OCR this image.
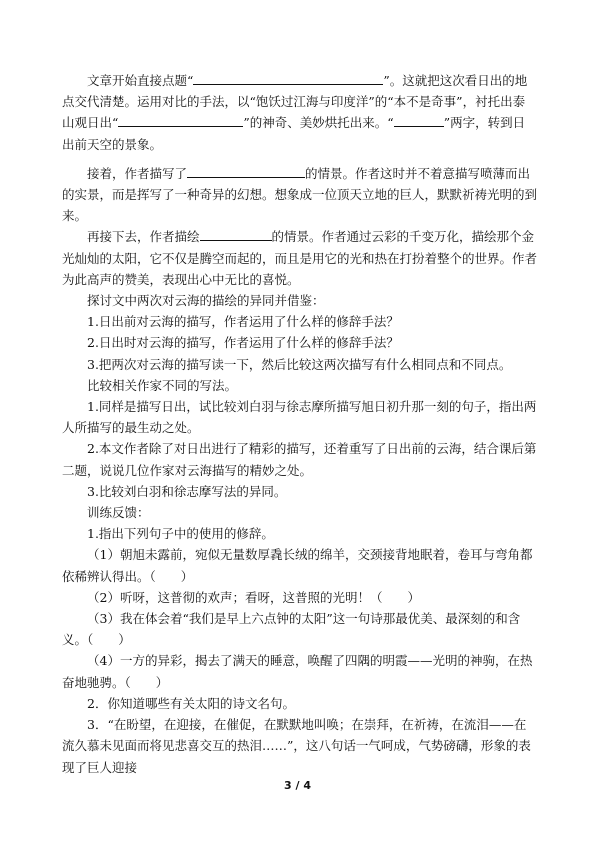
文章开始直接点题“	”。这就把这次看日出的地点交代清楚。运用对比的手法，以“饱饫过江海与印度洋”的“本不是奇事”，衬托出泰山观日出“	”的神奇、美妙烘托出来。“	”两字，转到日出前天空的景象。

接着，作者描写了	的情景。作者这时并不着意描写喷薄而出的实景，而是挥写了一种奇异的幻想。想象成一位顶天立地的巨人，默默祈祷光明的到来。

再接下去，作者描绘	的情景。作者通过云彩的千变万化，描绘那个金光灿灿的太阳，它不仅是腾空而起的，而且是用它的光和热在打扮着整个的世界。作者为此高声的赞美，表现出心中无比的喜悦。

探讨文中两次对云海的描绘的异同并借鉴：

1.日出前对云海的描写，作者运用了什么样的修辞手法？

2.日出时对云海的描写，作者运用了什么样的修辞手法？

3.把两次对云海的描写读一下，然后比较这两次描写有什么相同点和不同点。

比较相关作家不同的写法。

1.同样是描写日出，试比较刘白羽与徐志摩所描写旭日初升那一刻的句子，指出两人所描写的最生动之处。

2.本文作者除了对日出进行了精彩的描写，还着重写了日出前的云海，结合课后第二题，说说几位作家对云海描写的精妙之处。

3.比较刘白羽和徐志摩写法的异同。

训练反馈：

1.指出下列句子中的使用的修辞。

（1）朝旭未露前，宛似无量数厚毳长绒的绵羊，交颈接背地眠着，卷耳与弯角都依稀辨认得出。（　　）

（2）听呀，这普彻的欢声；看呀，这普照的光明！（　　）

（3）我在体会着“我们是早上六点钟的太阳”这一句诗那最优美、最深刻的和含义。（　　）

（4）一方的异彩，揭去了满天的睡意，唤醒了四隅的明霞——光明的神驹，在热奋地驰骋。（　　）

2．你知道哪些有关太阳的诗文名句。

3．“在盼望，在迎接，在催促，在默默地叫唤；在崇拜，在祈祷，在流泪——在流久慕未见面而将见悲喜交互的热泪……”，这八句话一气呵成，气势磅礴，形象的表现了巨人迎接

3 / 4
